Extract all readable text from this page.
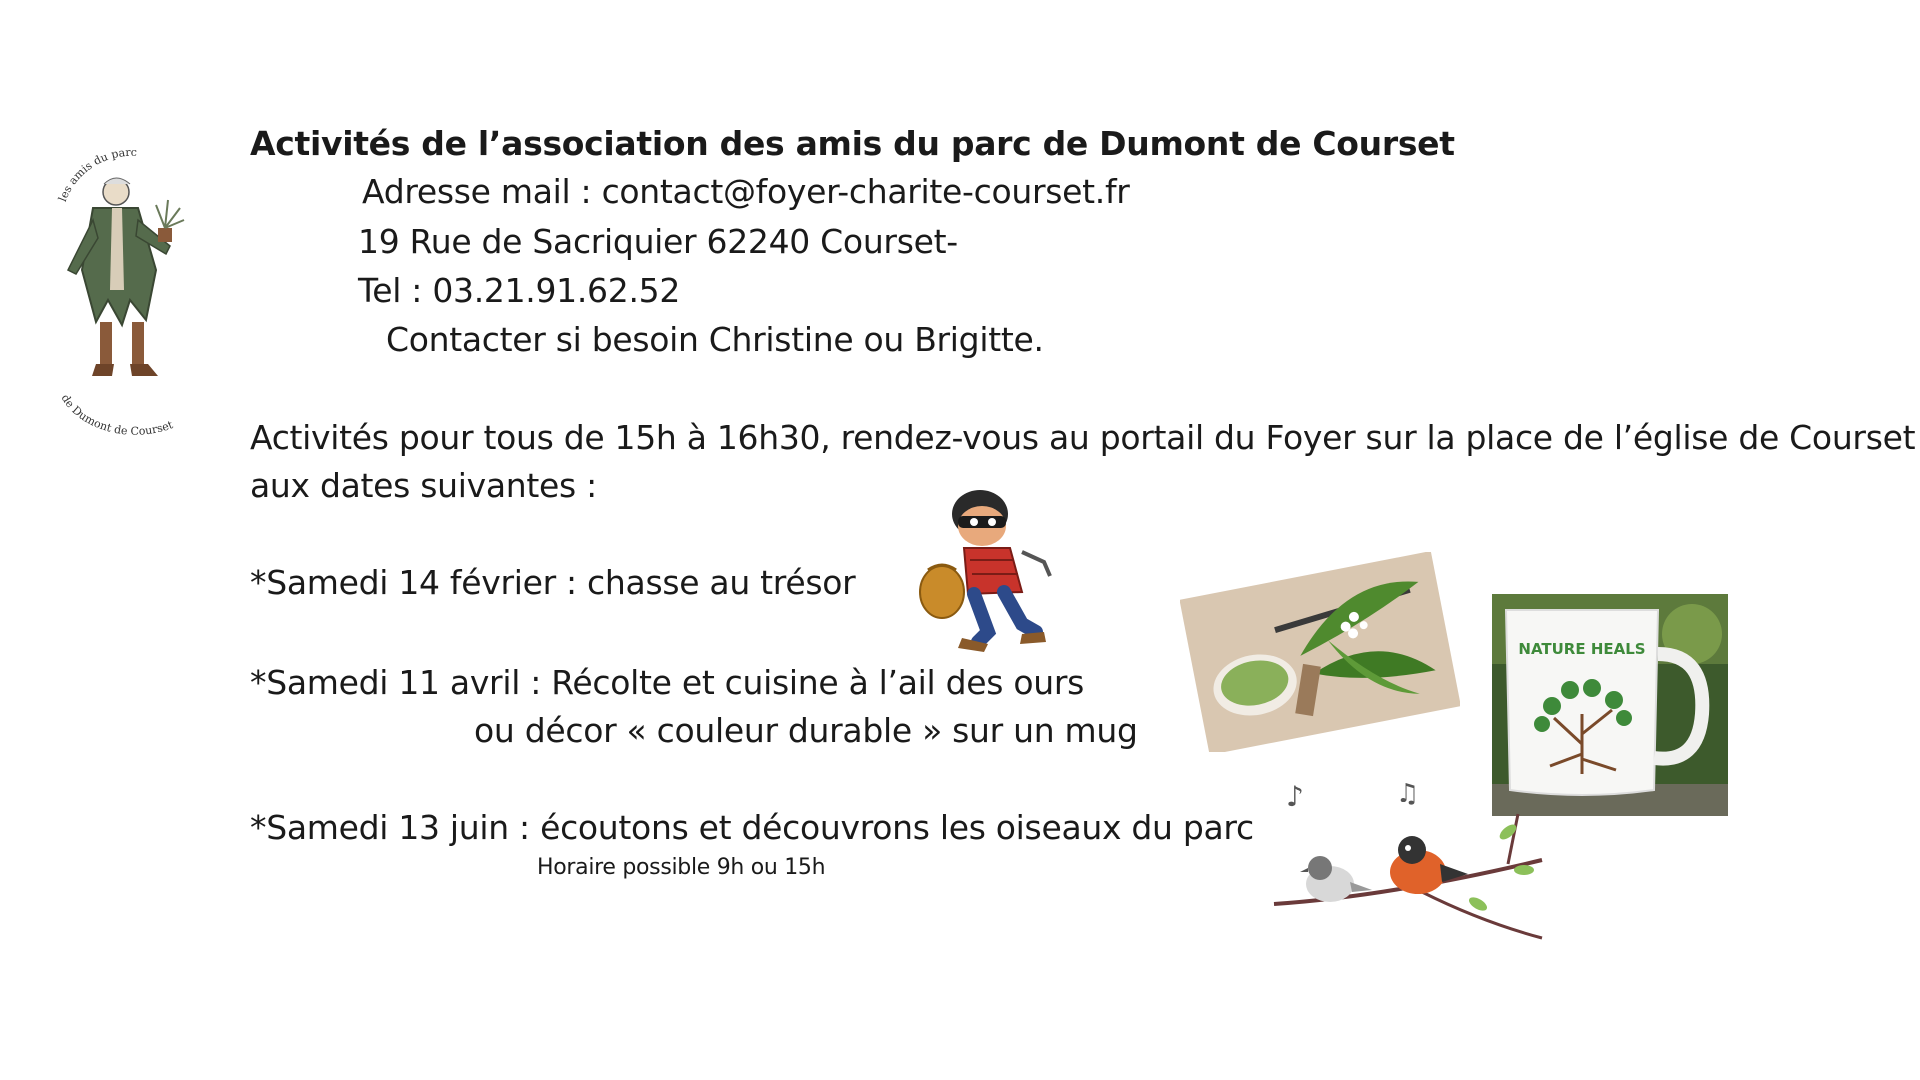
les amis du parc
de Dumont de Courset
Activités de l’association des amis du parc de Dumont de Courset
Adresse mail : contact@foyer-charite-courset.fr
19 Rue de Sacriquier 62240 Courset-
Tel : 03.21.91.62.52
Contacter si besoin Christine ou Brigitte.
Activités pour tous de 15h à 16h30, rendez-vous au portail du Foyer sur la place de l’église de Courset
aux dates suivantes :
*Samedi 14 février : chasse au trésor
*Samedi 11 avril : Récolte et cuisine à l’ail des ours
ou décor « couleur durable » sur un mug
*Samedi 13 juin : écoutons et découvrons les oiseaux du parc
Horaire possible 9h ou 15h
NATURE HEALS
♪	♫
